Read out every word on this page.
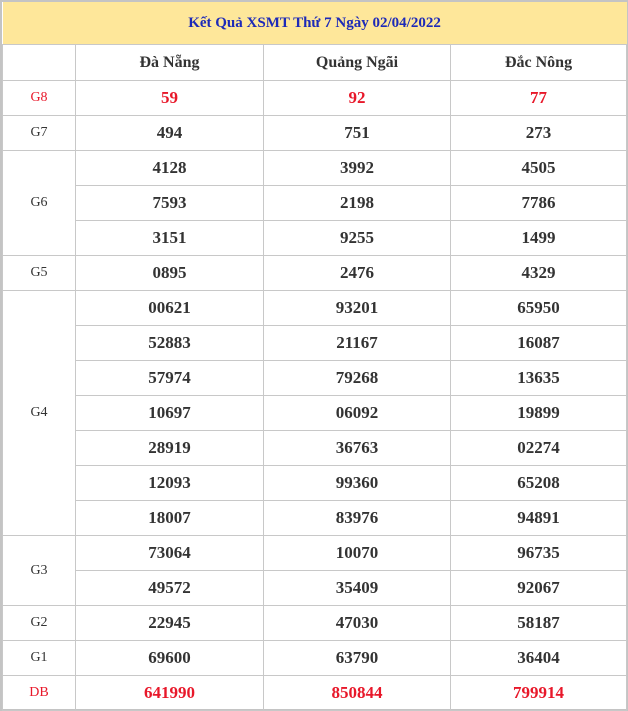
Kết Quả XSMT Thứ 7 Ngày 02/04/2022			
	Đà Nẵng	Quảng Ngãi	Đắc Nông
G8	59	92	77
G7	494	751	273
G6	4128	3992	4505
	7593	2198	7786
	3151	9255	1499
G5	0895	2476	4329
G4	00621	93201	65950
	52883	21167	16087
	57974	79268	13635
	10697	06092	19899
	28919	36763	02274
	12093	99360	65208
	18007	83976	94891
G3	73064	10070	96735
	49572	35409	92067
G2	22945	47030	58187
G1	69600	63790	36404
DB	641990	850844	799914
